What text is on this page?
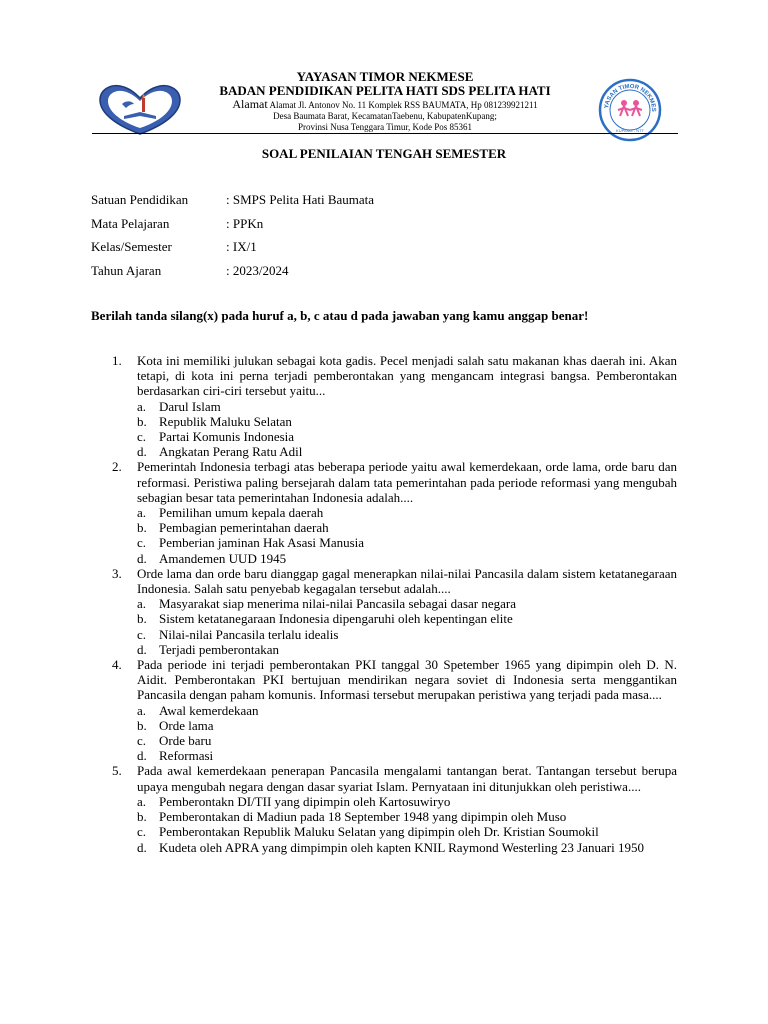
YAYASAN TIMOR NEKMESE
BADAN PENDIDIKAN PELITA HATI SDS PELITA HATI
Alamat Alamat Jl. Antonov No. 11 Komplek RSS BAUMATA, Hp 081239921211
Desa Baumata Barat, KecamatanTaebenu, KabupatenKupang;
Provinsi Nusa Tenggara Timur, Kode Pos 85361
YASAN TIMOR NEKMES
KUPANG - NTT
SOAL PENILAIAN TENGAH SEMESTER
Satuan Pendidikan	: SMPS Pelita Hati Baumata
Mata Pelajaran	: PPKn
Kelas/Semester	: IX/1
Tahun Ajaran	: 2023/2024
Berilah tanda silang(x) pada huruf a, b, c atau d pada jawaban yang kamu anggap benar!
1.	Kota ini memiliki julukan sebagai kota gadis. Pecel menjadi salah satu makanan khas daerah ini. Akan tetapi, di kota ini perna terjadi pemberontakan yang mengancam integrasi bangsa. Pemberontakan berdasarkan ciri-ciri tersebut yaitu...
a. Darul Islam
b. Republik Maluku Selatan
c. Partai Komunis Indonesia
d. Angkatan Perang Ratu Adil
2.	Pemerintah Indonesia terbagi atas beberapa periode yaitu awal kemerdekaan, orde lama, orde baru dan reformasi. Peristiwa paling bersejarah dalam tata pemerintahan pada periode reformasi yang mengubah sebagian besar tata pemerintahan Indonesia adalah....
a. Pemilihan umum kepala daerah
b. Pembagian pemerintahan daerah
c. Pemberian jaminan Hak Asasi Manusia
d. Amandemen UUD 1945
3.	Orde lama dan orde baru dianggap gagal menerapkan nilai-nilai Pancasila dalam sistem ketatanegaraan Indonesia. Salah satu penyebab kegagalan tersebut adalah....
a. Masyarakat siap menerima nilai-nilai Pancasila sebagai dasar negara
b. Sistem ketatanegaraan Indonesia dipengaruhi oleh kepentingan elite
c. Nilai-nilai Pancasila terlalu idealis
d. Terjadi pemberontakan
4.	Pada periode ini terjadi pemberontakan PKI tanggal 30 Spetember 1965 yang dipimpin oleh D. N. Aidit. Pemberontakan PKI bertujuan mendirikan negara soviet di Indonesia serta menggantikan Pancasila dengan paham komunis. Informasi tersebut merupakan peristiwa yang terjadi pada masa....
a. Awal kemerdekaan
b. Orde lama
c. Orde baru
d. Reformasi
5.	Pada awal kemerdekaan penerapan Pancasila mengalami tantangan berat. Tantangan tersebut berupa upaya mengubah negara dengan dasar syariat Islam. Pernyataan ini ditunjukkan oleh peristiwa....
a. Pemberontakn DI/TII yang dipimpin oleh Kartosuwiryo
b. Pemberontakan di Madiun pada 18 September 1948 yang dipimpin oleh Muso
c. Pemberontakan Republik Maluku Selatan yang dipimpin oleh Dr. Kristian Soumokil
d. Kudeta oleh APRA yang dimpimpin oleh kapten KNIL Raymond Westerling 23 Januari 1950
